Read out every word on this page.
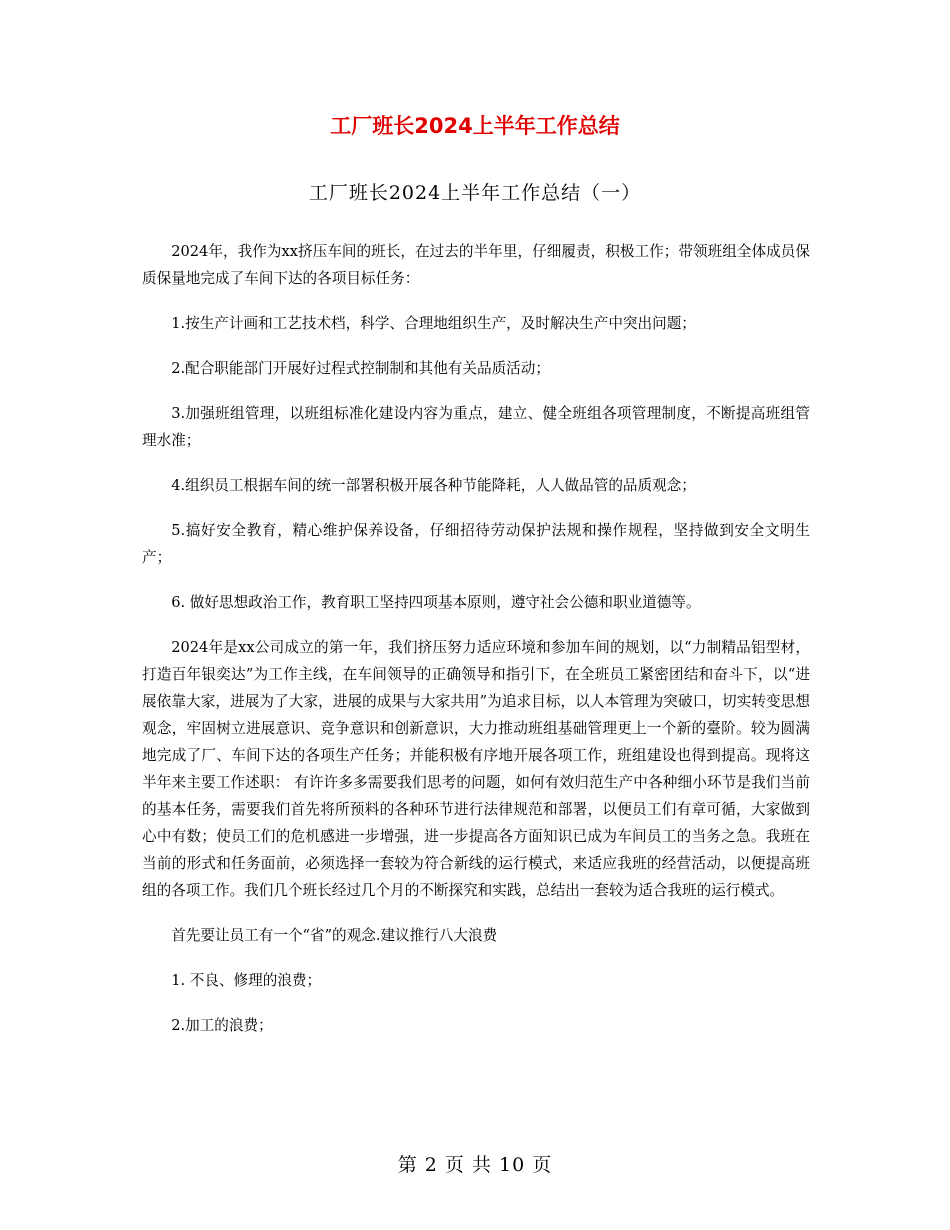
工厂班长2024上半年工作总结
工厂班长2024上半年工作总结（一）

2024年，我作为xx挤压车间的班长，在过去的半年里，仔细履责，积极工作；带领班组全体成员保质保量地完成了车间下达的各项目标任务：

1.按生产计画和工艺技术档，科学、合理地组织生产，及时解决生产中突出问题；

2.配合职能部门开展好过程式控制制和其他有关品质活动；

3.加强班组管理，以班组标准化建设内容为重点，建立、健全班组各项管理制度，不断提高班组管理水准；

4.组织员工根据车间的统一部署积极开展各种节能降耗，人人做品管的品质观念；

5.搞好安全教育，精心维护保养设备，仔细招待劳动保护法规和操作规程，坚持做到安全文明生产；

6. 做好思想政治工作，教育职工坚持四项基本原则，遵守社会公德和职业道德等。

2024年是xx公司成立的第一年，我们挤压努力适应环境和参加车间的规划，以“力制精品铝型材，打造百年银奕达”为工作主线，在车间领导的正确领导和指引下，在全班员工紧密团结和奋斗下，以“进展依靠大家，进展为了大家，进展的成果与大家共用”为追求目标，以人本管理为突破口，切实转变思想观念，牢固树立进展意识、竞争意识和创新意识，大力推动班组基础管理更上一个新的臺阶。较为圆满地完成了厂、车间下达的各项生产任务；并能积极有序地开展各项工作，班组建设也得到提高。现将这半年来主要工作述职： 有许许多多需要我们思考的问题，如何有效归范生产中各种细小环节是我们当前的基本任务，需要我们首先将所预料的各种环节进行法律规范和部署，以便员工们有章可循，大家做到心中有数；使员工们的危机感进一步增强，进一步提高各方面知识已成为车间员工的当务之急。我班在当前的形式和任务面前，必须选择一套较为符合新线的运行模式，来适应我班的经营活动，以便提高班组的各项工作。我们几个班长经过几个月的不断探究和实践，总结出一套较为适合我班的运行模式。

首先要让员工有一个“省”的观念.建议推行八大浪费

1. 不良、修理的浪费；

2.加工的浪费；

第 2 页 共 10 页
